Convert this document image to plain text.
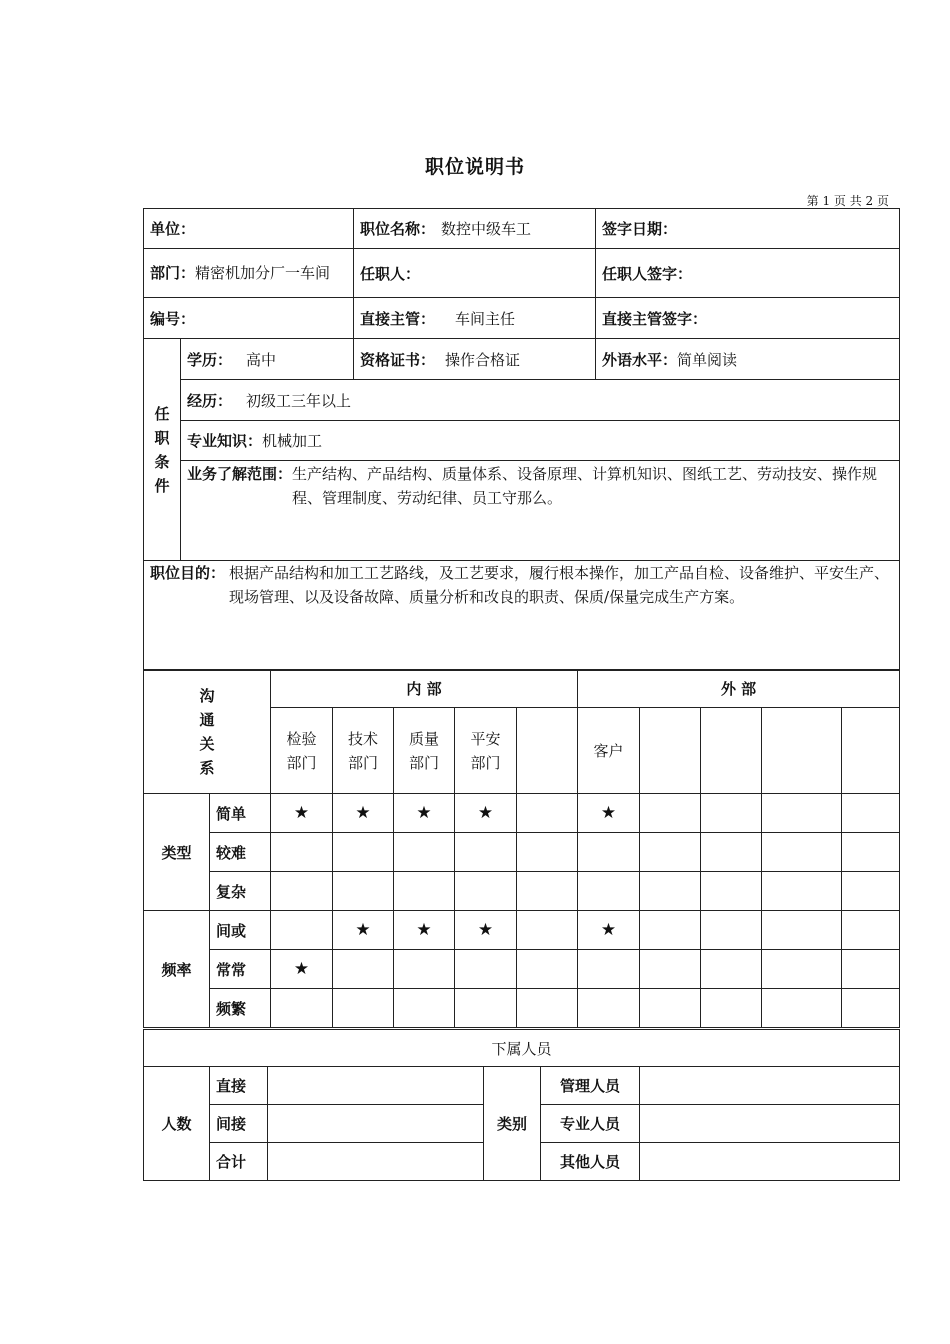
职位说明书
第 1 页 共 2 页
单位：		职位名称： 数控中级车工	签字日期：
部门：精密机加分厂一车间		任职人：	任职人签字：
编号：		直接主管： 车间主任	直接主管签字：

任
职
条
件	学历： 高中	资格证书： 操作合格证	外语水平：简单阅读
	经历： 初级工三年以上		
	专业知识：机械加工		

	业务了解范围： 生产结构、产品结构、质量体系、设备原理、计算机知识、图纸工艺、劳动技安、操作规程、管理制度、劳动纪律、员工守那么。		

职位目的： 根据产品结构和加工工艺路线，及工艺要求，履行根本操作，加工产品自检、设备维护、平安生产、现场管理、以及设备故障、质量分析和改良的职责、保质/保量完成生产方案。			
沟
通
关
系		内 部					外 部				

		检验部门	技术部门	质量部门	平安部门		客户				

类型	简单	★	★	★	★		★				
	较难										
	复杂										
频率	间或		★	★	★		★				
	常常	★									
	频繁										
下属人员					
人数	直接		类别	管理人员	
	间接			专业人员	
	合计			其他人员	
